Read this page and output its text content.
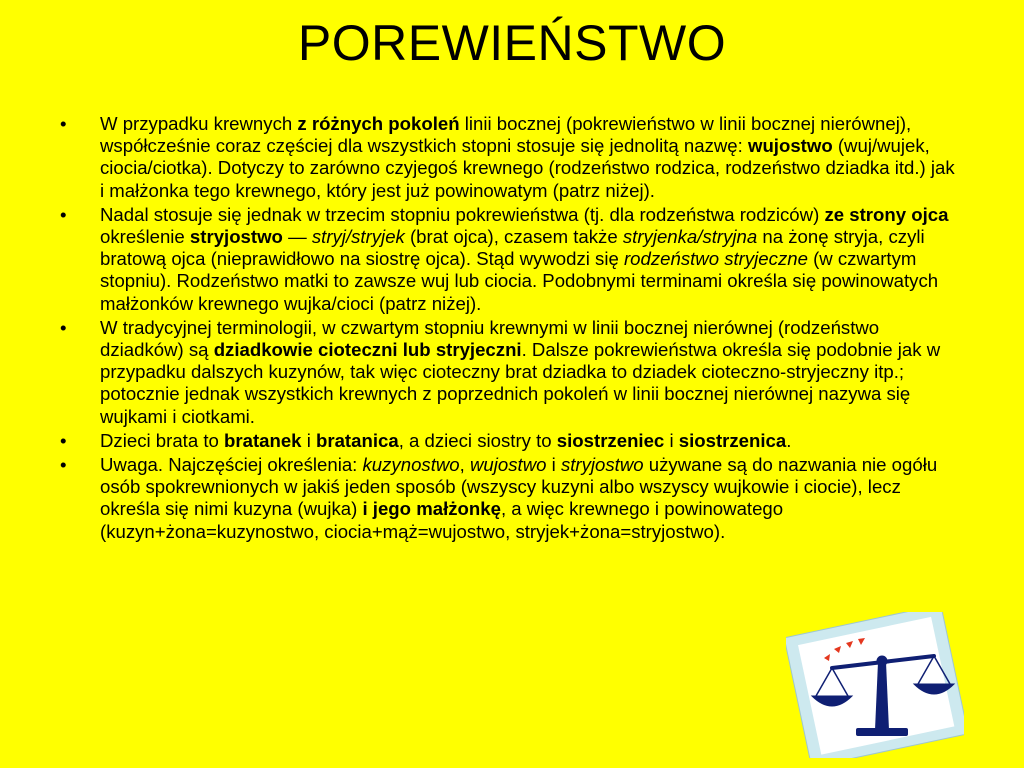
POREWIEŃSTWO
•	W przypadku krewnych z różnych pokoleń linii bocznej (pokrewieństwo w linii bocznej nierównej), współcześnie coraz częściej dla wszystkich stopni stosuje się jednolitą nazwę: wujostwo (wuj/wujek, ciocia/ciotka). Dotyczy to zarówno czyjegoś krewnego (rodzeństwo rodzica, rodzeństwo dziadka itd.) jak i małżonka tego krewnego, który jest już powinowatym (patrz niżej).
•	Nadal stosuje się jednak w trzecim stopniu pokrewieństwa (tj. dla rodzeństwa rodziców) ze strony ojca określenie stryjostwo — stryj/stryjek (brat ojca), czasem także stryjenka/stryjna na żonę stryja, czyli bratową ojca (nieprawidłowo na siostrę ojca). Stąd wywodzi się rodzeństwo stryjeczne (w czwartym stopniu). Rodzeństwo matki to zawsze wuj lub ciocia. Podobnymi terminami określa się powinowatych małżonków krewnego wujka/cioci (patrz niżej).
•	W tradycyjnej terminologii, w czwartym stopniu krewnymi w linii bocznej nierównej (rodzeństwo dziadków) są dziadkowie cioteczni lub stryjeczni. Dalsze pokrewieństwa określa się podobnie jak w przypadku dalszych kuzynów, tak więc cioteczny brat dziadka to dziadek cioteczno-stryjeczny itp.; potocznie jednak wszystkich krewnych z poprzednich pokoleń w linii bocznej nierównej nazywa się wujkami i ciotkami.
•	Dzieci brata to bratanek i bratanica, a dzieci siostry to siostrzeniec i siostrzenica.
•	Uwaga. Najczęściej określenia: kuzynostwo, wujostwo i stryjostwo używane są do nazwania nie ogółu osób spokrewnionych w jakiś jeden sposób (wszyscy kuzyni albo wszyscy wujkowie i ciocie), lecz określa się nimi kuzyna (wujka) i jego małżonkę, a więc krewnego i powinowatego (kuzyn+żona=kuzynostwo, ciocia+mąż=wujostwo, stryjek+żona=stryjostwo).
